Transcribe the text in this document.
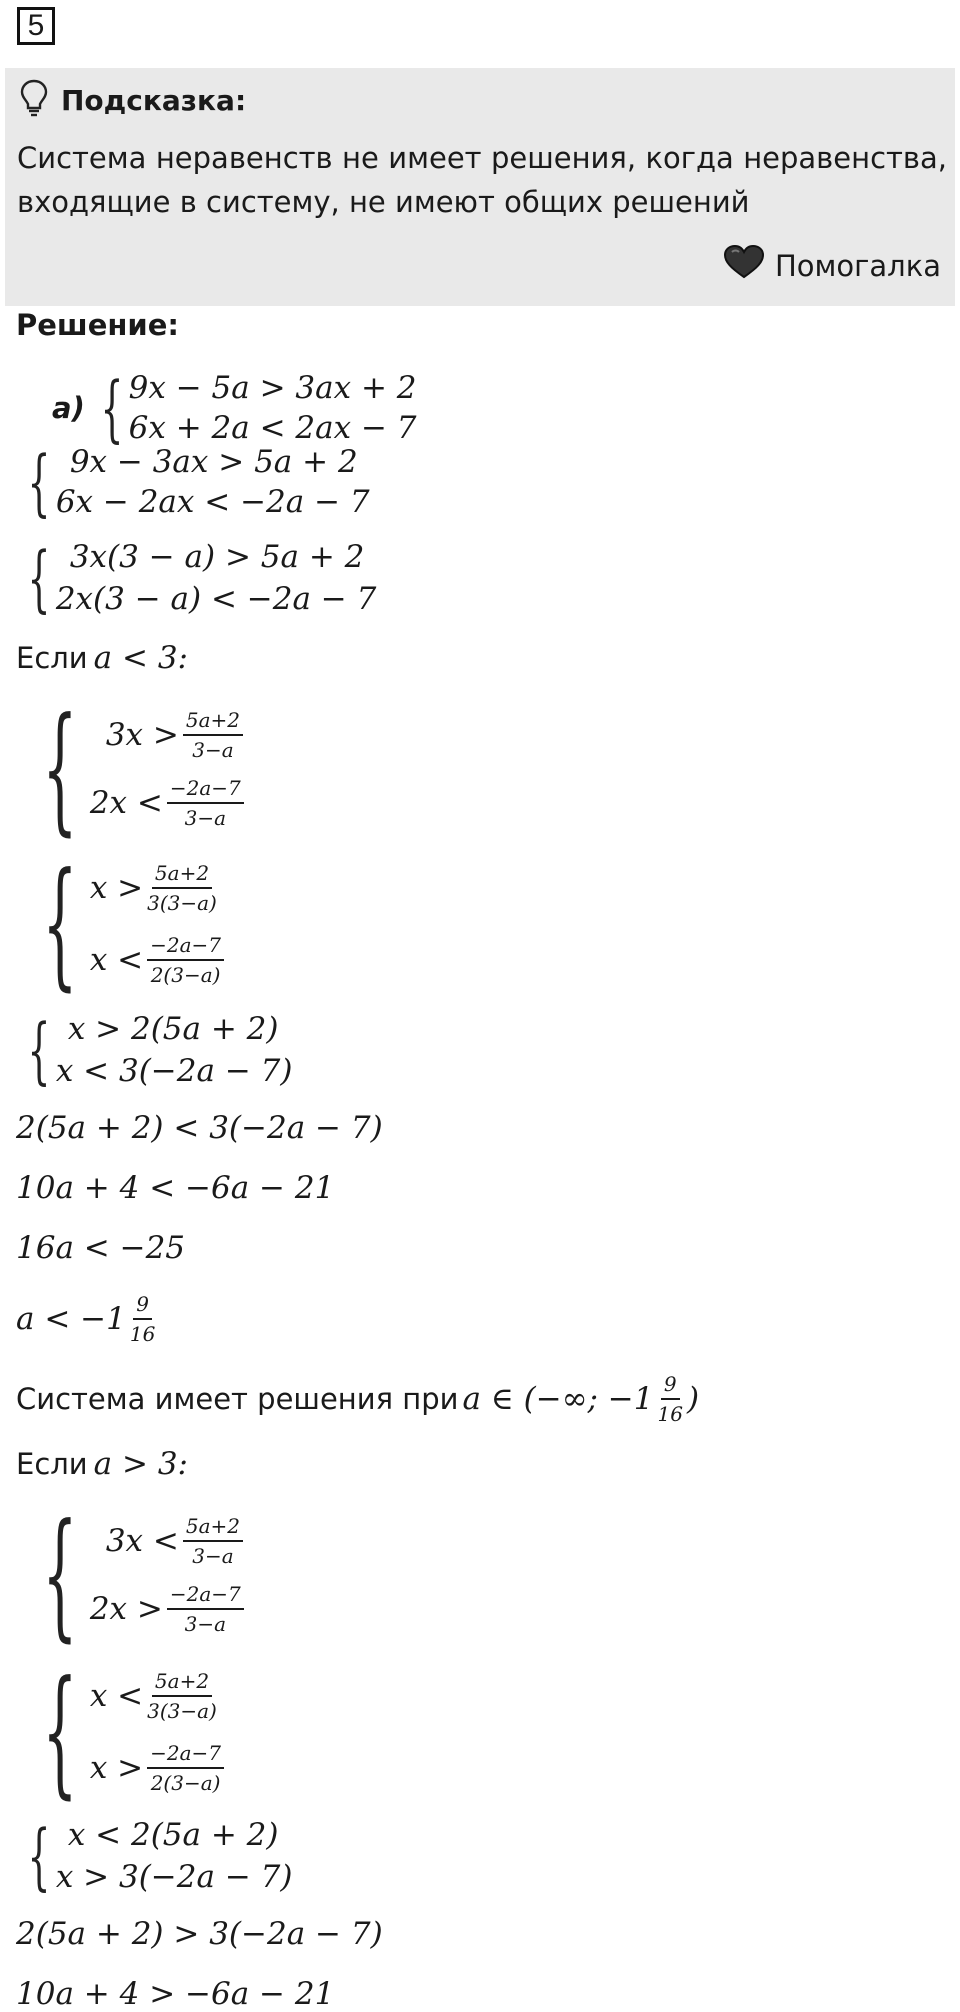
5
Подсказка:
Система неравенств не имеет решения, когда неравенства, входящие в систему, не имеют общих решений
Помогалка
Решение:
а) { 9x − 5a > 3ax + 2
6x + 2a < 2ax − 7
{ 9x − 3ax > 5a + 2
6x − 2ax < −2a − 7
{ 3x(3 − a) > 5a + 2
2x(3 − a) < −2a − 7
Если a < 3:
{ $3x > \frac{5a+2}{3-a}$
$2x < \frac{-2a-7}{3-a}$
{ $x > \frac{5a+2}{3(3-a)}$
$x < \frac{-2a-7}{2(3-a)}$
{ x > 2(5a + 2)
x < 3(−2a − 7)
2(5a + 2) < 3(−2a − 7)
10a + 4 < −6a − 21
16a < −25
$a < -1 \frac{9}{16}$
Система имеет решения при a ∈ (−∞; $-1 \frac{9}{16}$ )
Если a > 3:
{ $3x < \frac{5a+2}{3-a}$
$2x > \frac{-2a-7}{3-a}$
{ $x < \frac{5a+2}{3(3-a)}$
$x > \frac{-2a-7}{2(3-a)}$
{ x < 2(5a + 2)
x > 3(−2a − 7)
2(5a + 2) > 3(−2a − 7)
10a + 4 > −6a − 21
